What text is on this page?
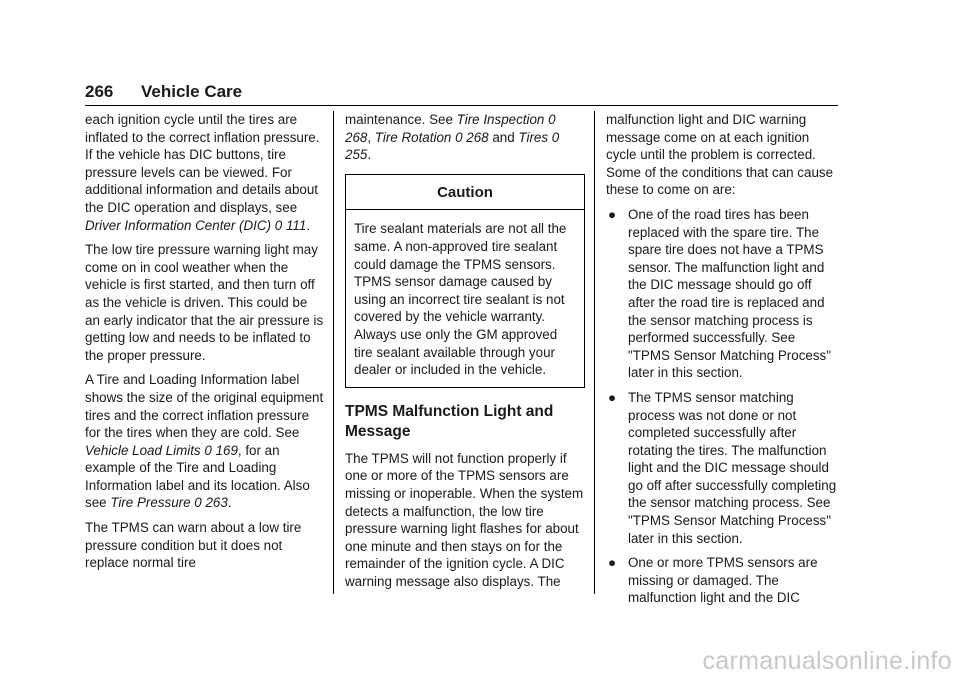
266 Vehicle Care

each ignition cycle until the tires are inflated to the correct inflation pressure. If the vehicle has DIC buttons, tire pressure levels can be viewed. For additional information and details about the DIC operation and displays, see Driver Information Center (DIC) 0 111.

The low tire pressure warning light may come on in cool weather when the vehicle is first started, and then turn off as the vehicle is driven. This could be an early indicator that the air pressure is getting low and needs to be inflated to the proper pressure.

A Tire and Loading Information label shows the size of the original equipment tires and the correct inflation pressure for the tires when they are cold. See Vehicle Load Limits 0 169, for an example of the Tire and Loading Information label and its location. Also see Tire Pressure 0 263.

The TPMS can warn about a low tire pressure condition but it does not replace normal tire

maintenance. See Tire Inspection 0 268, Tire Rotation 0 268 and Tires 0 255.

Caution
Tire sealant materials are not all the same. A non-approved tire sealant could damage the TPMS sensors. TPMS sensor damage caused by using an incorrect tire sealant is not covered by the vehicle warranty. Always use only the GM approved tire sealant available through your dealer or included in the vehicle.
TPMS Malfunction Light and Message

The TPMS will not function properly if one or more of the TPMS sensors are missing or inoperable. When the system detects a malfunction, the low tire pressure warning light flashes for about one minute and then stays on for the remainder of the ignition cycle. A DIC warning message also displays. The

malfunction light and DIC warning message come on at each ignition cycle until the problem is corrected. Some of the conditions that can cause these to come on are:

● One of the road tires has been replaced with the spare tire. The spare tire does not have a TPMS sensor. The malfunction light and the DIC message should go off after the road tire is replaced and the sensor matching process is performed successfully. See "TPMS Sensor Matching Process" later in this section.
● The TPMS sensor matching process was not done or not completed successfully after rotating the tires. The malfunction light and the DIC message should go off after successfully completing the sensor matching process. See "TPMS Sensor Matching Process" later in this section.
● One or more TPMS sensors are missing or damaged. The malfunction light and the DIC
carmanualsonline.info
